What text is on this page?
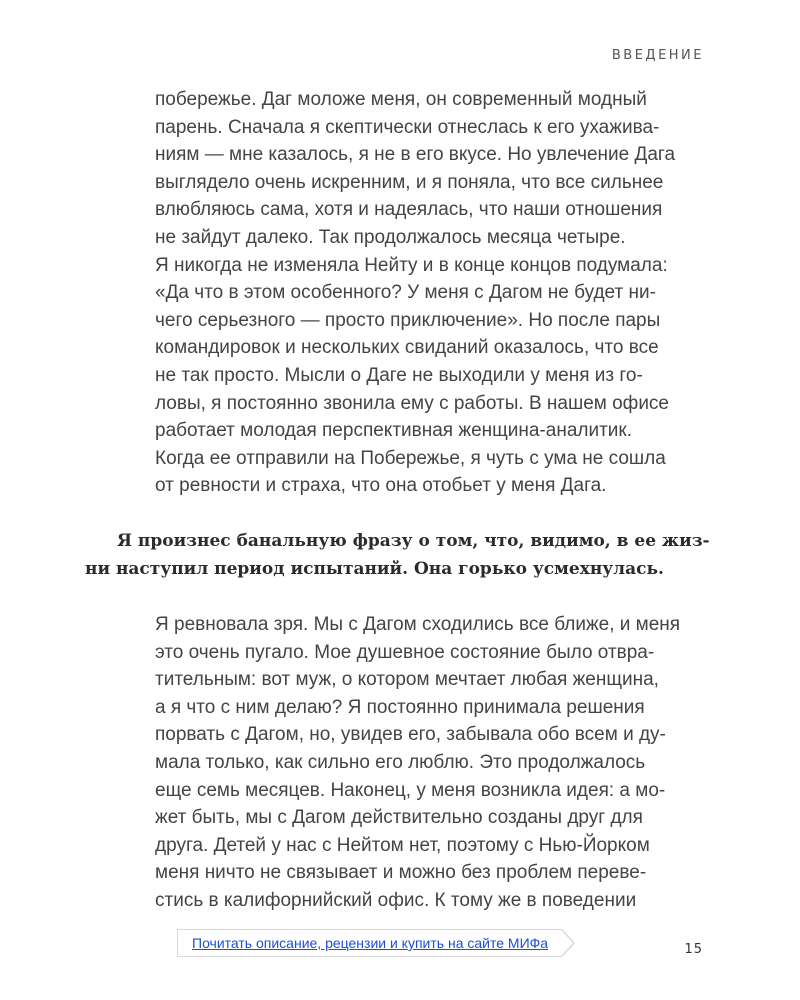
ВВЕДЕНИЕ
побережье. Даг моложе меня, он современный модный
парень. Сначала я скептически отнеслась к его ухажива-
ниям — мне казалось, я не в его вкусе. Но увлечение Дага
выглядело очень искренним, и я поняла, что все сильнее
влюбляюсь сама, хотя и надеялась, что наши отношения
не зайдут далеко. Так продолжалось месяца четыре.
Я никогда не изменяла Нейту и в конце концов подумала:
«Да что в этом особенного? У меня с Дагом не будет ни-
чего серьезного — просто приключение». Но после пары
командировок и нескольких свиданий оказалось, что все
не так просто. Мысли о Даге не выходили у меня из го-
ловы, я постоянно звонила ему с работы. В нашем офисе
работает молодая перспективная женщина-аналитик.
Когда ее отправили на Побережье, я чуть с ума не сошла
от ревности и страха, что она отобьет у меня Дага.
Я произнес банальную фразу о том, что, видимо, в ее жиз-
ни наступил период испытаний. Она горько усмехнулась.
Я ревновала зря. Мы с Дагом сходились все ближе, и меня
это очень пугало. Мое душевное состояние было отвра-
тительным: вот муж, о котором мечтает любая женщина,
а я что с ним делаю? Я постоянно принимала решения
порвать с Дагом, но, увидев его, забывала обо всем и ду-
мала только, как сильно его люблю. Это продолжалось
еще семь месяцев. Наконец, у меня возникла идея: а мо-
жет быть, мы с Дагом действительно созданы друг для
друга. Детей у нас с Нейтом нет, поэтому с Нью-Йорком
меня ничто не связывает и можно без проблем переве-
стись в калифорнийский офис. К тому же в поведении
Почитать описание, рецензии и купить на сайте МИФа	15
